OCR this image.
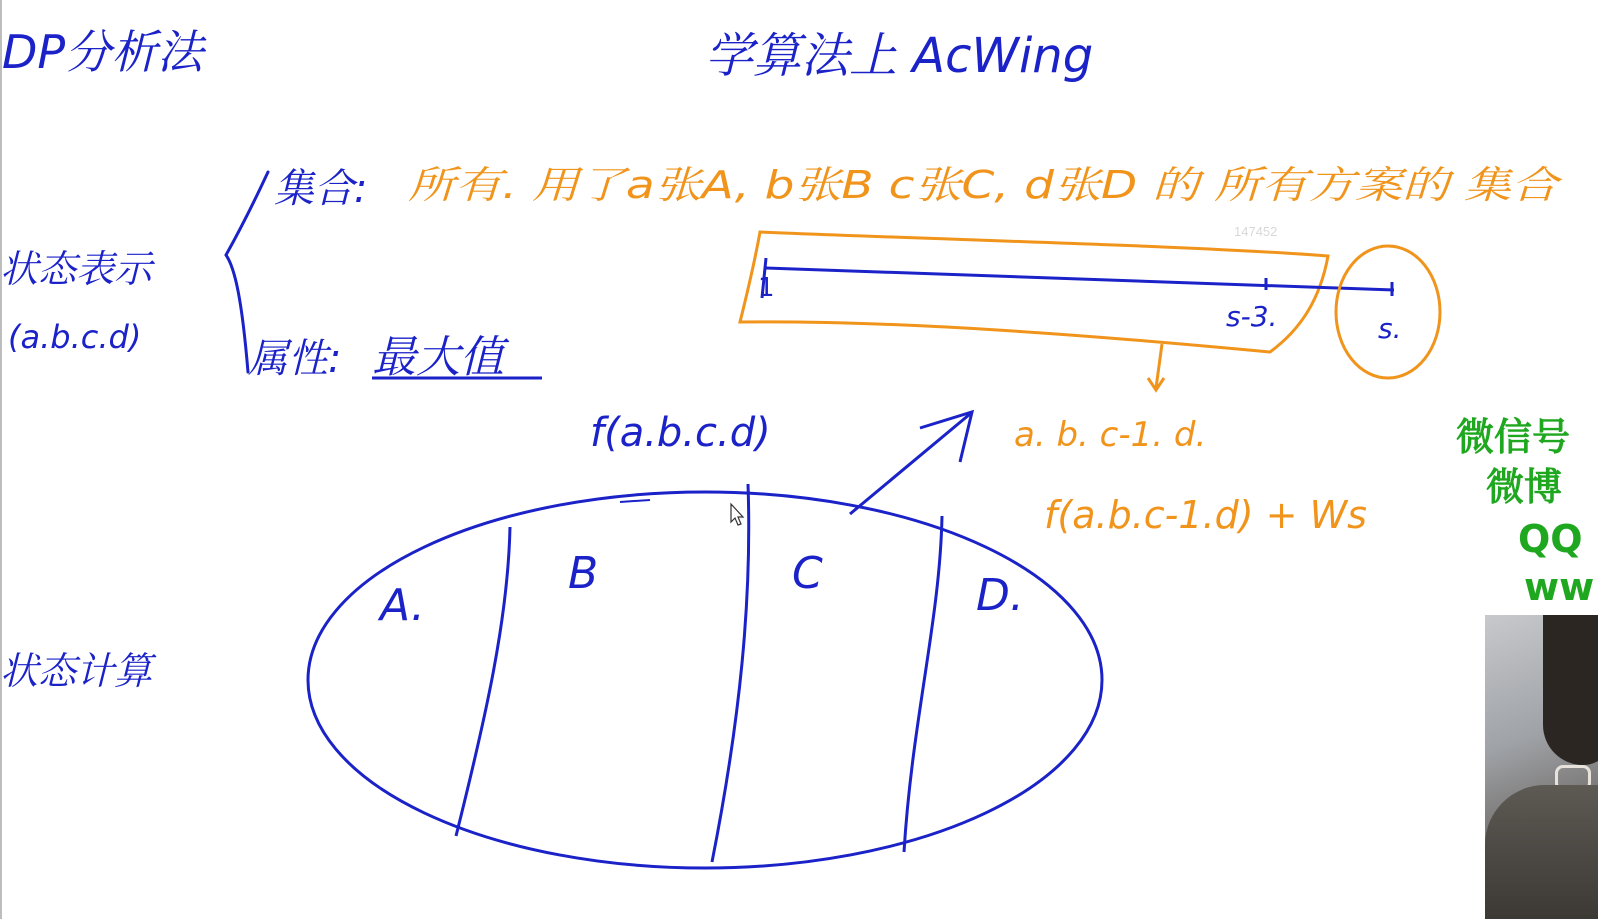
DP分析法	学算法上 AcWing
147452
状态表示
(a.b.c.d)
状态计算
集合: 所有. 用了a张A, b张B c张C, d张D 的 所有方案的 集合
属性: 最大值
1
s-3.	s.
f(a.b.c.d)
A.
B	C	D.
a. b. c-1. d.
f(a.b.c-1.d) + Ws
微信号
微博
QQ
ww
